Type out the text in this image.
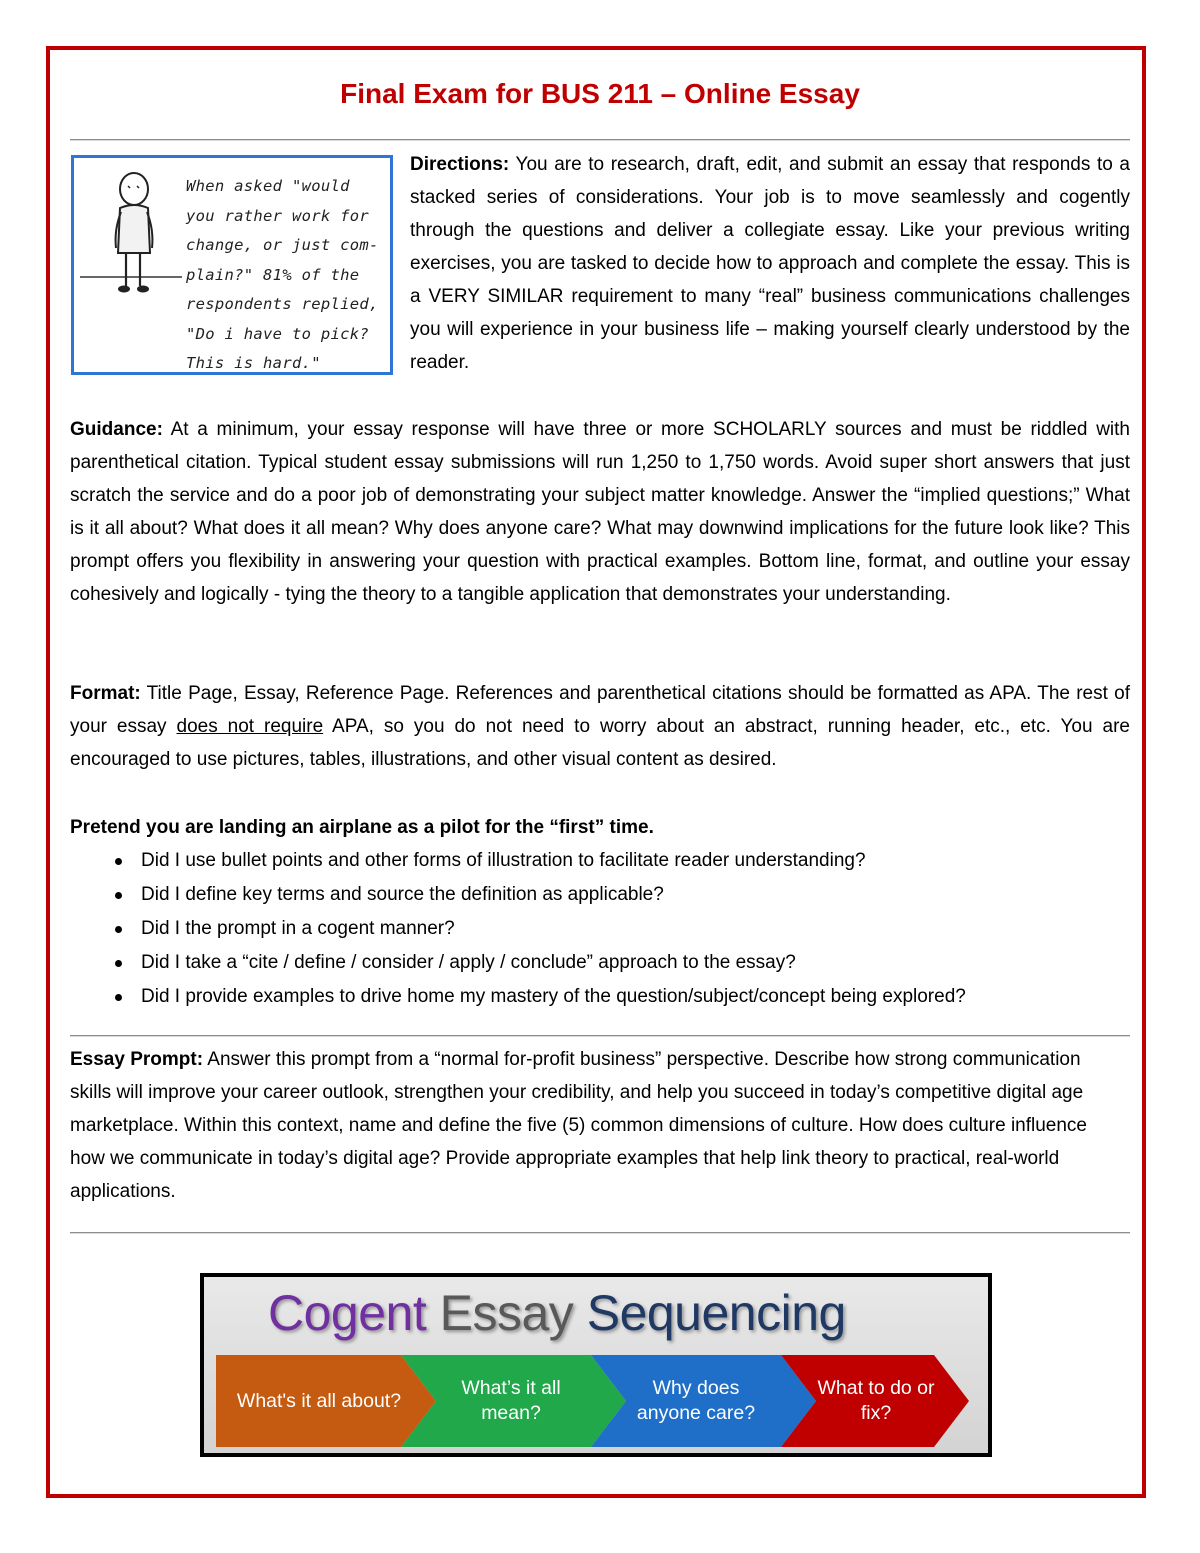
Final Exam for BUS 211 – Online Essay
When asked "would
you rather work for
change, or just com-
plain?" 81% of the
respondents replied,
"Do i have to pick?
This is hard."
Directions: You are to research, draft, edit, and submit an essay that responds to a stacked series of considerations. Your job is to move seamlessly and cogently through the questions and deliver a collegiate essay. Like your previous writing exercises, you are tasked to decide how to approach and complete the essay. This is a VERY SIMILAR requirement to many “real” business communications challenges you will experience in your business life – making yourself clearly understood by the reader.
Guidance: At a minimum, your essay response will have three or more SCHOLARLY sources and must be riddled with parenthetical citation. Typical student essay submissions will run 1,250 to 1,750 words. Avoid super short answers that just scratch the service and do a poor job of demonstrating your subject matter knowledge. Answer the “implied questions;” What is it all about? What does it all mean? Why does anyone care? What may downwind implications for the future look like? This prompt offers you flexibility in answering your question with practical examples. Bottom line, format, and outline your essay cohesively and logically - tying the theory to a tangible application that demonstrates your understanding.
Format: Title Page, Essay, Reference Page. References and parenthetical citations should be formatted as APA. The rest of your essay does not require APA, so you do not need to worry about an abstract, running header, etc., etc. You are encouraged to use pictures, tables, illustrations, and other visual content as desired.
Pretend you are landing an airplane as a pilot for the “first” time.
Did I use bullet points and other forms of illustration to facilitate reader understanding?
Did I define key terms and source the definition as applicable?
Did I the prompt in a cogent manner?
Did I take a “cite / define / consider / apply / conclude” approach to the essay?
Did I provide examples to drive home my mastery of the question/subject/concept being explored?
Essay Prompt: Answer this prompt from a “normal for-profit business” perspective. Describe how strong communication skills will improve your career outlook, strengthen your credibility, and help you succeed in today’s competitive digital age marketplace. Within this context, name and define the five (5) common dimensions of culture. How does culture influence how we communicate in today’s digital age? Provide appropriate examples that help link theory to practical, real-world applications.
Cogent Essay Sequencing
What's it all about?
What’s it all mean?
Why does anyone care?
What to do or fix?
